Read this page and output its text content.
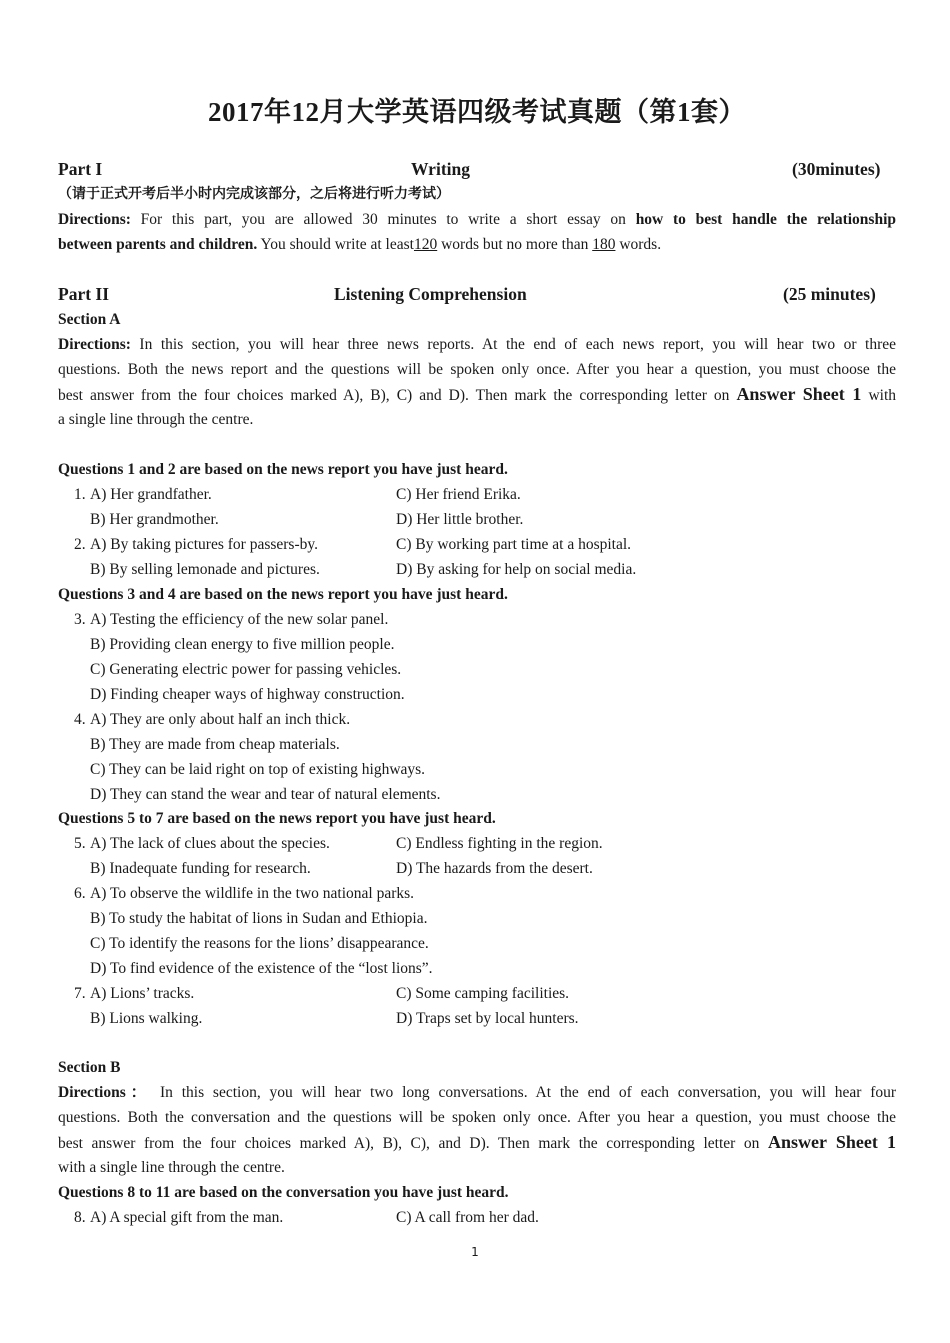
2017年12月大学英语四级考试真题（第1套）
Part I	Writing	(30minutes)
（请于正式开考后半小时内完成该部分，之后将进行听力考试）
Directions: For this part, you are allowed 30 minutes to write a short essay on how to best handle the relationship
between parents and children. You should write at least120 words but no more than 180 words.
Part II	Listening Comprehension	(25 minutes)
Section A
Directions: In this section, you will hear three news reports. At the end of each news report, you will hear two or three
questions. Both the news report and the questions will be spoken only once. After you hear a question, you must choose the
best answer from the four choices marked A), B), C) and D). Then mark the corresponding letter on Answer Sheet 1 with
a single line through the centre.
Questions 1 and 2 are based on the news report you have just heard.
1. A) Her grandfather.	C) Her friend Erika.
B) Her grandmother.	D) Her little brother.
2. A) By taking pictures for passers-by.	C) By working part time at a hospital.
B) By selling lemonade and pictures.	D) By asking for help on social media.
Questions 3 and 4 are based on the news report you have just heard.
3. A) Testing the efficiency of the new solar panel.
B) Providing clean energy to five million people.
C) Generating electric power for passing vehicles.
D) Finding cheaper ways of highway construction.
4. A) They are only about half an inch thick.
B) They are made from cheap materials.
C) They can be laid right on top of existing highways.
D) They can stand the wear and tear of natural elements.
Questions 5 to 7 are based on the news report you have just heard.
5. A) The lack of clues about the species.	C) Endless fighting in the region.
B) Inadequate funding for research.	D) The hazards from the desert.
6. A) To observe the wildlife in the two national parks.
B) To study the habitat of lions in Sudan and Ethiopia.
C) To identify the reasons for the lions’ disappearance.
D) To find evidence of the existence of the “lost lions”.
7. A) Lions’ tracks.	C) Some camping facilities.
B) Lions walking.	D) Traps set by local hunters.
Section B
Directions： In this section, you will hear two long conversations. At the end of each conversation, you will hear four
questions. Both the conversation and the questions will be spoken only once. After you hear a question, you must choose the
best answer from the four choices marked A), B), C), and D). Then mark the corresponding letter on Answer Sheet 1
with a single line through the centre.
Questions 8 to 11 are based on the conversation you have just heard.
8. A) A special gift from the man.	C) A call from her dad.
1
